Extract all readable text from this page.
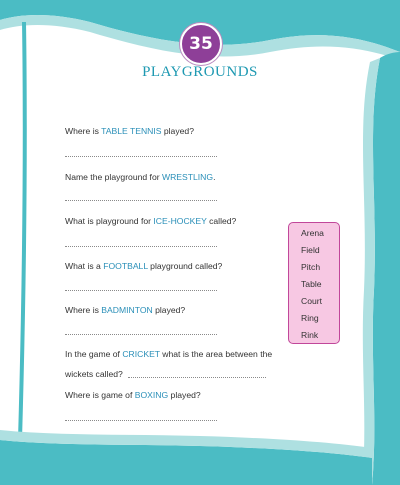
35
PLAYGROUNDS
Where is TABLE TENNIS played?
Name the playground for WRESTLING.
What is playground for ICE-HOCKEY called?
What is a FOOTBALL playground called?
Where is BADMINTON played?
In the game of CRICKET what is the area between the
wickets called?
Where is game of BOXING played?
Arena
Field
Pitch
Table
Court
Ring
Rink
